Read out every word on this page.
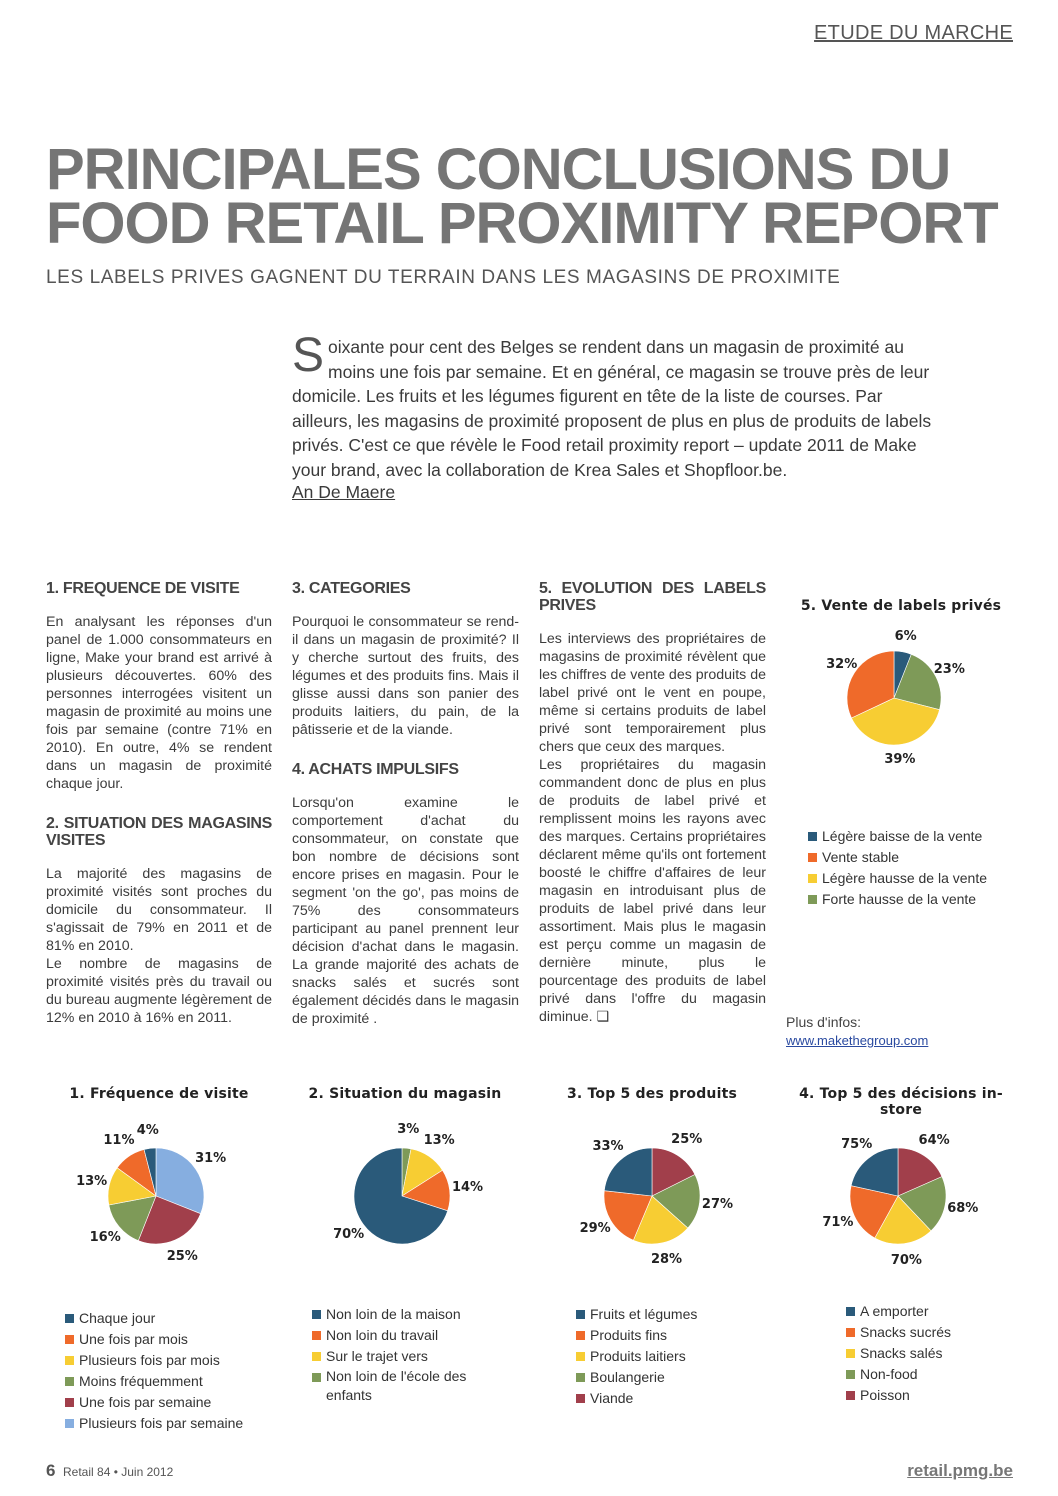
ETUDE DU MARCHE
PRINCIPALES CONCLUSIONS DU
FOOD RETAIL PROXIMITY REPORT
LES LABELS PRIVES GAGNENT DU TERRAIN DANS LES MAGASINS DE PROXIMITE
Soixante pour cent des Belges se rendent dans un magasin de proximité au moins une fois par semaine. Et en général, ce magasin se trouve près de leur domicile. Les fruits et les légumes figurent en tête de la liste de courses. Par ailleurs, les magasins de proximité proposent de plus en plus de produits de labels privés. C'est ce que révèle le Food retail proximity report – update 2011 de Make your brand, avec la collaboration de Krea Sales et Shopfloor.be.
An De Maere
1. FREQUENCE DE VISITE

En analysant les réponses d'un panel de 1.000 consommateurs en ligne, Make your brand est arrivé à plusieurs découvertes. 60% des personnes interrogées visitent un magasin de proximité au moins une fois par semaine (contre 71% en 2010). En outre, 4% se rendent dans un magasin de proximité chaque jour.

2. SITUATION DES MAGASINS VISITES

La majorité des magasins de proximité visités sont proches du domicile du consommateur. Il s'agissait de 79% en 2011 et de 81% en 2010.

Le nombre de magasins de proximité visités près du travail ou du bureau augmente légèrement de 12% en 2010 à 16% en 2011.

3. CATEGORIES

Pourquoi le consommateur se rend-il dans un magasin de proximité? Il y cherche surtout des fruits, des légumes et des produits fins. Mais il glisse aussi dans son panier des produits laitiers, du pain, de la pâtisserie et de la viande.

4. ACHATS IMPULSIFS

Lorsqu'on examine le comportement d'achat du consommateur, on constate que bon nombre de décisions sont encore prises en magasin. Pour le segment 'on the go', pas moins de 75% des consommateurs participant au panel prennent leur décision d'achat dans le magasin. La grande majorité des achats de snacks salés et sucrés sont également décidés dans le magasin de proximité .

5. EVOLUTION DES LABELS PRIVES

Les interviews des propriétaires de magasins de proximité révèlent que les chiffres de vente des produits de label privé ont le vent en poupe, même si certains produits de label privé sont temporairement plus chers que ceux des marques.

Les propriétaires du magasin commandent donc de plus en plus de produits de label privé et remplissent moins les rayons avec des marques. Certains propriétaires déclarent même qu'ils ont fortement boosté le chiffre d'affaires de leur magasin en introduisant plus de produits de label privé dans leur assortiment. Mais plus le magasin est perçu comme un magasin de dernière minute, plus le pourcentage des produits de label privé dans l'offre du magasin diminue. ❑	Plus d'infos:
www.makethegroup.com
5. Vente de labels privés
6%
23%
39%
32%
Légère baisse de la vente
Vente stable
Légère hausse de la vente
Forte hausse de la vente
1. Fréquence de visite
31%
25%
16%
13%
11%
4%
Chaque jour
Une fois par mois
Plusieurs fois par mois
Moins fréquemment
Une fois par semaine
Plusieurs fois par semaine
2. Situation du magasin
3%
13%
14%
70%
Non loin de la maison
Non loin du travail
Sur le trajet vers
Non loin de l'école des enfants
3. Top 5 des produits
25%
27%
28%
29%
33%
Fruits et légumes
Produits fins
Produits laitiers
Boulangerie
Viande
4. Top 5 des décisions in-store
64%
68%
70%
71%
75%
A emporter
Snacks sucrés
Snacks salés
Non-food
Poisson
6 Retail 84 • Juin 2012	retail.pmg.be
